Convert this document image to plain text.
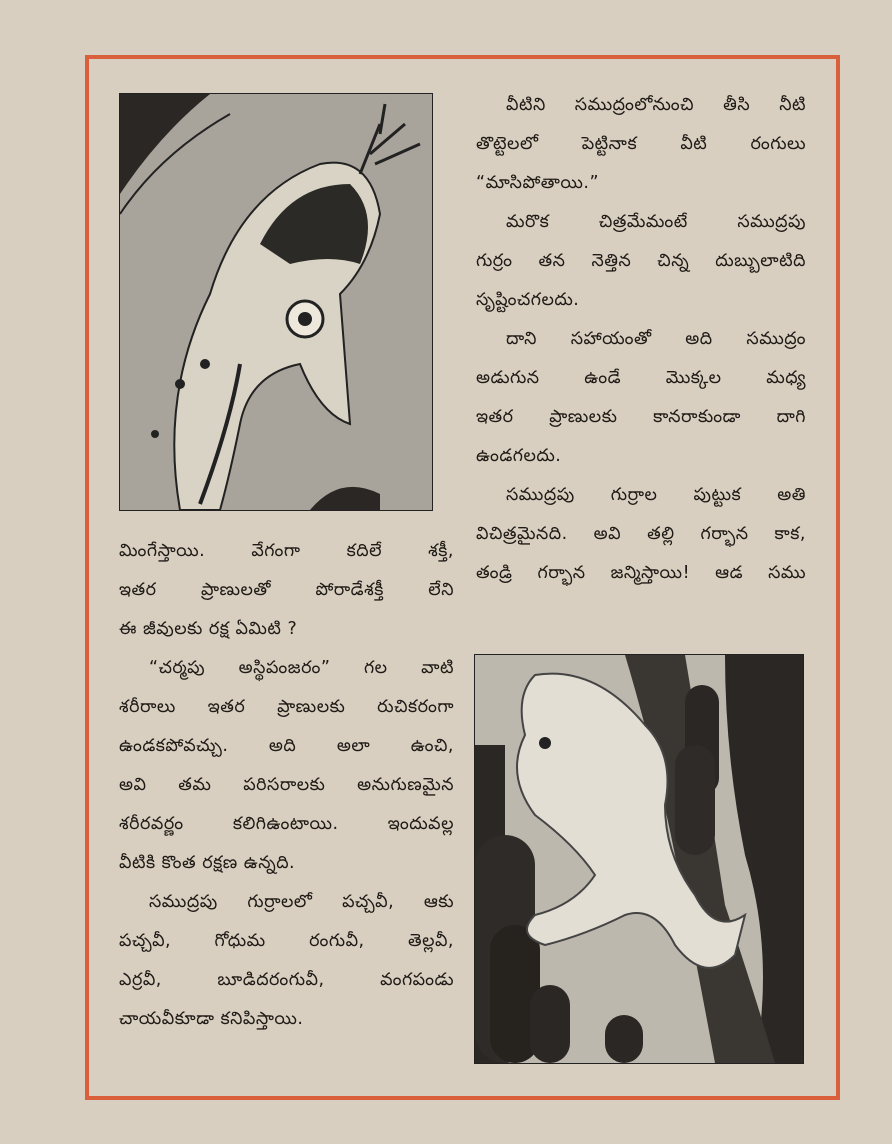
వీటిని సముద్రంలోనుంచి తీసి నీటి

తొట్టెలలో పెట్టినాక వీటి రంగులు

“మాసిపోతాయి.”

మరొక చిత్రమేమంటే సముద్రపు

గుర్రం తన నెత్తిన చిన్న దుబ్బులాటిది

సృష్టించగలదు.

దాని సహాయంతో అది సముద్రం

అడుగున ఉండే మొక్కల మధ్య

ఇతర ప్రాణులకు కానరాకుండా దాగి

ఉండగలదు.

సముద్రపు గుర్రాల పుట్టుక అతి

విచిత్రమైనది. అవి తల్లి గర్భాన కాక,

తండ్రి గర్భాన జన్మిస్తాయి! ఆడ సము

మింగేస్తాయి. వేగంగా కదిలే శక్తీ,

ఇతర ప్రాణులతో పోరాడేశక్తీ లేని

ఈ జీవులకు రక్ష ఏమిటి ?

“చర్మపు అస్థిపంజరం” గల వాటి

శరీరాలు ఇతర ప్రాణులకు రుచికరంగా

ఉండకపోవచ్చు. అది అలా ఉంచి,

అవి తమ పరిసరాలకు అనుగుణమైన

శరీరవర్ణం కలిగిఉంటాయి. ఇందువల్ల

వీటికి కొంత రక్షణ ఉన్నది.

సముద్రపు గుర్రాలలో పచ్చవీ, ఆకు

పచ్చవీ, గోధుమ రంగువీ, తెల్లవీ,

ఎర్రవీ, బూడిదరంగువీ, వంగపండు

చాయవీకూడా కనిపిస్తాయి.
